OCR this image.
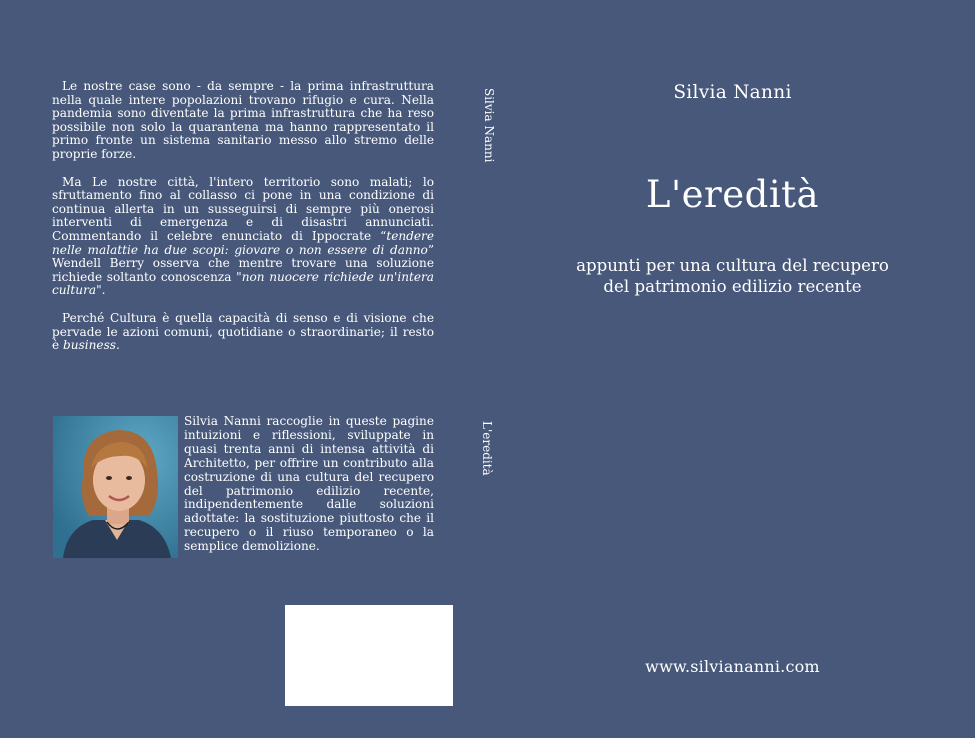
Le nostre case sono - da sempre - la prima infrastruttura nella quale intere popolazioni trovano rifugio e cura. Nella pandemia sono diventate la prima infrastruttura che ha reso possibile non solo la quarantena ma hanno rappresentato il primo fronte un sistema sanitario messo allo stremo delle proprie forze.

Ma Le nostre città, l'intero territorio sono malati; lo sfruttamento fino al collasso ci pone in una condizione di continua allerta in un susseguirsi di sempre più onerosi interventi di emergenza e di disastri annunciati. Commentando il celebre enunciato di Ippocrate “tendere nelle malattie ha due scopi: giovare o non essere di danno” Wendell Berry osserva che mentre trovare una soluzione richiede soltanto conoscenza "non nuocere richiede un'intera cultura".

Perché Cultura è quella capacità di senso e di visione che pervade le azioni comuni, quotidiane o straordinarie; il resto è business.

Silvia Nanni raccoglie in queste pagine intuizioni e riflessioni, sviluppate in quasi trenta anni di intensa attività di Architetto, per offrire un contributo alla costruzione di una cultura del recupero del patrimonio edilizio recente, indipendentemente dalle soluzioni adottate: la sostituzione piuttosto che il recupero o il riuso temporaneo o la semplice demolizione.
Silvia Nanni
L'eredità
Silvia Nanni
L'eredità
appunti per una cultura del recupero
del patrimonio edilizio recente
www.silviananni.com
